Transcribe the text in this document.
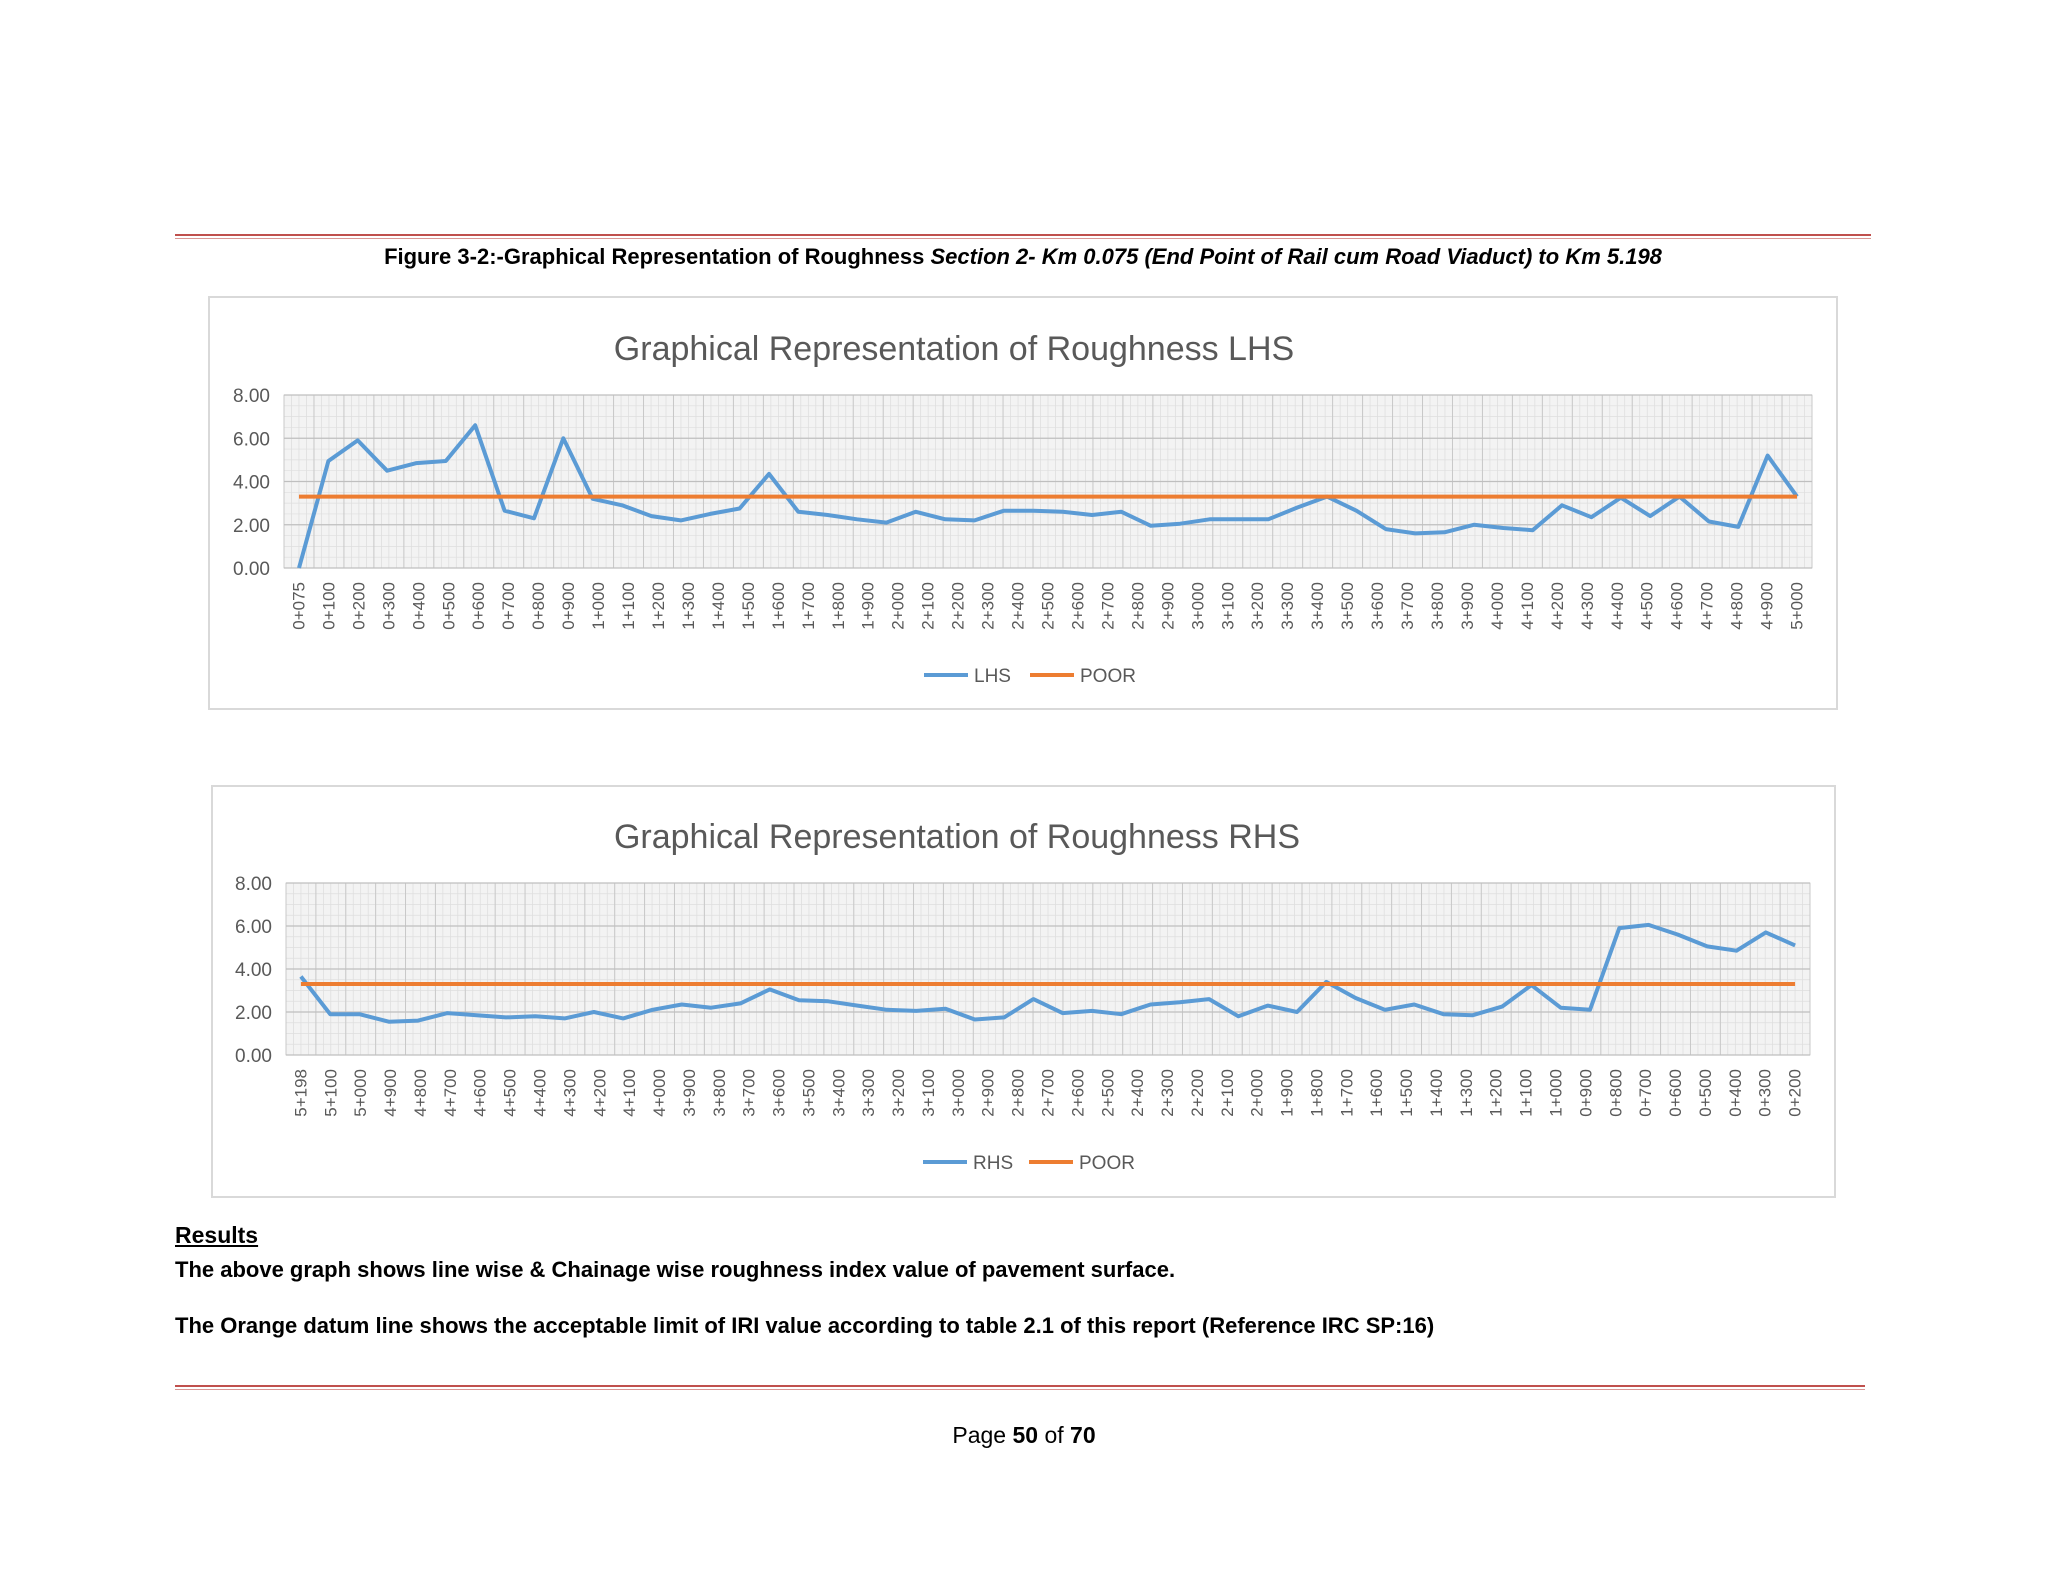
Figure 3-2:-Graphical Representation of Roughness Section 2- Km 0.075 (End Point of Rail cum Road Viaduct) to Km 5.198
Graphical Representation of Roughness LHS
0.00
2.00
4.00
6.00
8.00
0+075 0+100 0+200 0+300 0+400 0+500 0+600 0+700 0+800 0+900 1+000 1+100 1+200 1+300 1+400 1+500 1+600 1+700 1+800 1+900 2+000 2+100 2+200 2+300 2+400 2+500 2+600 2+700 2+800 2+900 3+000 3+100 3+200 3+300 3+400 3+500 3+600 3+700 3+800 3+900 4+000 4+100 4+200 4+300 4+400 4+500 4+600 4+700 4+800 4+900 5+000
LHS	POOR
Graphical Representation of Roughness RHS
0.00
2.00
4.00
6.00
8.00
5+198 5+100 5+000 4+900 4+800 4+700 4+600 4+500 4+400 4+300 4+200 4+100 4+000 3+900 3+800 3+700 3+600 3+500 3+400 3+300 3+200 3+100 3+000 2+900 2+800 2+700 2+600 2+500 2+400 2+300 2+200 2+100 2+000 1+900 1+800 1+700 1+600 1+500 1+400 1+300 1+200 1+100 1+000 0+900 0+800 0+700 0+600 0+500 0+400 0+300 0+200
RHS	POOR
Results
The above graph shows line wise & Chainage wise roughness index value of pavement surface.
The Orange datum line shows the acceptable limit of IRI value according to table 2.1 of this report (Reference IRC SP:16)
Page 50 of 70
